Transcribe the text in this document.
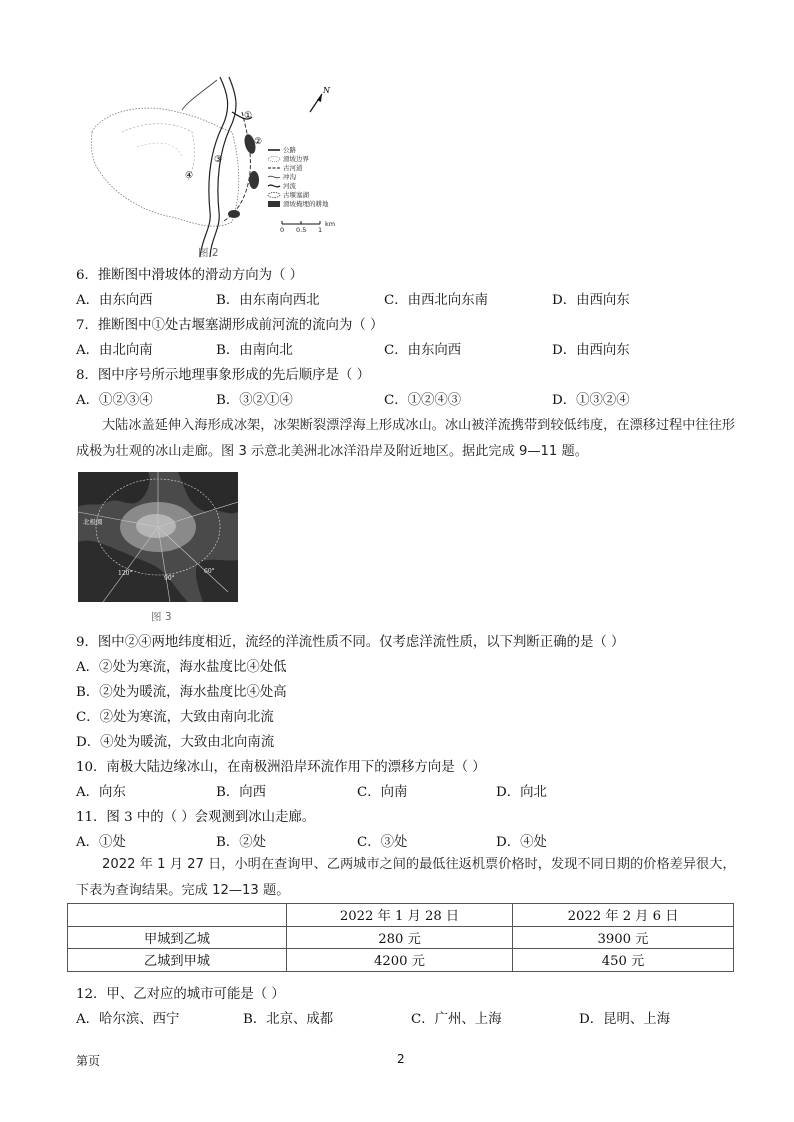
①
②
③
④
N
公路
滑坡边界
古河道
冲沟
河流
古堰塞湖
滑坡掩埋的耕地
0 0.5 1
km
图 2
6．推断图中滑坡体的滑动方向为（ ）
A．由东向西	B．由东南向西北	C．由西北向东南	D．由西向东
7．推断图中①处古堰塞湖形成前河流的流向为（ ）
A．由北向南	B．由南向北	C．由东向西	D．由西向东
8．图中序号所示地理事象形成的先后顺序是（ ）
A．①②③④	B．③②①④	C．①②④③	D．①③②④
大陆冰盖延伸入海形成冰架，冰架断裂漂浮海上形成冰山。冰山被洋流携带到较低纬度，在漂移过程中往往形成极为壮观的冰山走廊。图 3 示意北美洲北冰洋沿岸及附近地区。据此完成 9—11 题。
北极圈
120°
90°
60°
图 3
9．图中②④两地纬度相近，流经的洋流性质不同。仅考虑洋流性质，以下判断正确的是（ ）
A．②处为寒流，海水盐度比④处低
B．②处为暖流，海水盐度比④处高
C．②处为寒流，大致由南向北流
D．④处为暖流，大致由北向南流
10．南极大陆边缘冰山，在南极洲沿岸环流作用下的漂移方向是（ ）
A．向东	B．向西	C．向南	D．向北
11．图 3 中的（ ）会观测到冰山走廊。
A．①处	B．②处	C．③处	D．④处
2022 年 1 月 27 日，小明在查询甲、乙两城市之间的最低往返机票价格时，发现不同日期的价格差异很大，下表为查询结果。完成 12—13 题。
	2022 年 1 月 28 日	2022 年 2 月 6 日
甲城到乙城	280 元	3900 元
乙城到甲城	4200 元	450 元
12．甲、乙对应的城市可能是（ ）
A．哈尔滨、西宁	B．北京、成都	C．广州、上海	D．昆明、上海
第页	2
